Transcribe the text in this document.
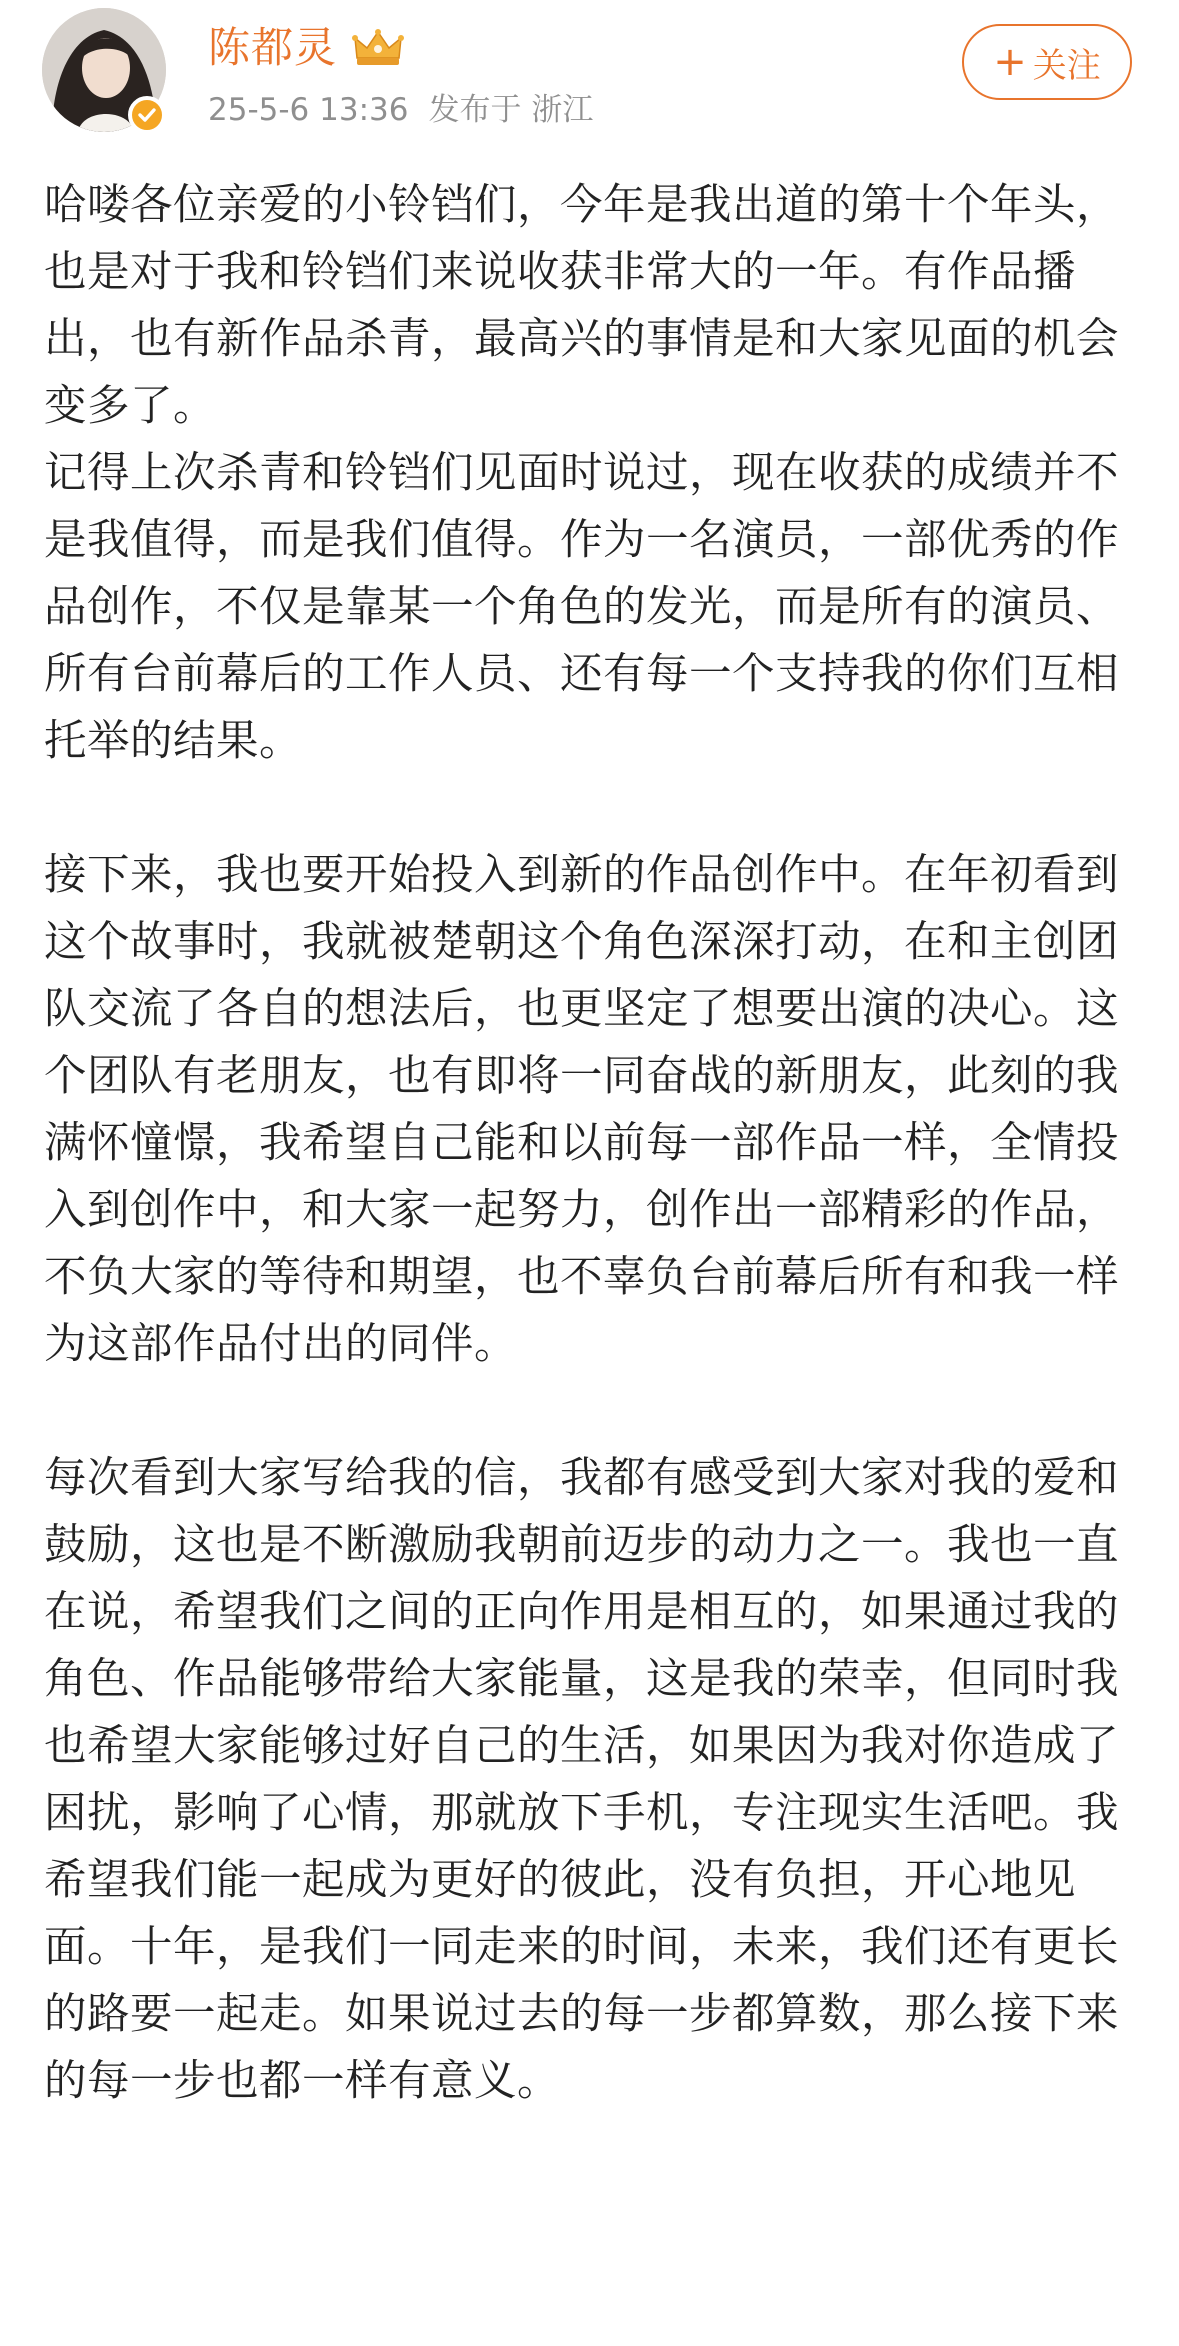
陈都灵
25-5-6 13:36 发布于 浙江
+ 关注

哈喽各位亲爱的小铃铛们，今年是我出道的第十个年头，也是对于我和铃铛们来说收获非常大的一年。有作品播出，也有新作品杀青，最高兴的事情是和大家见面的机会变多了。

记得上次杀青和铃铛们见面时说过，现在收获的成绩并不是我值得，而是我们值得。作为一名演员，一部优秀的作品创作，不仅是靠某一个角色的发光，而是所有的演员、所有台前幕后的工作人员、还有每一个支持我的你们互相托举的结果。

接下来，我也要开始投入到新的作品创作中。在年初看到这个故事时，我就被楚朝这个角色深深打动，在和主创团队交流了各自的想法后，也更坚定了想要出演的决心。这个团队有老朋友，也有即将一同奋战的新朋友，此刻的我满怀憧憬，我希望自己能和以前每一部作品一样，全情投入到创作中，和大家一起努力，创作出一部精彩的作品，不负大家的等待和期望，也不辜负台前幕后所有和我一样为这部作品付出的同伴。

每次看到大家写给我的信，我都有感受到大家对我的爱和鼓励，这也是不断激励我朝前迈步的动力之一。我也一直在说，希望我们之间的正向作用是相互的，如果通过我的角色、作品能够带给大家能量，这是我的荣幸，但同时我也希望大家能够过好自己的生活，如果因为我对你造成了困扰，影响了心情，那就放下手机，专注现实生活吧。我希望我们能一起成为更好的彼此，没有负担，开心地见面。十年，是我们一同走来的时间，未来，我们还有更长的路要一起走。如果说过去的每一步都算数，那么接下来的每一步也都一样有意义。
